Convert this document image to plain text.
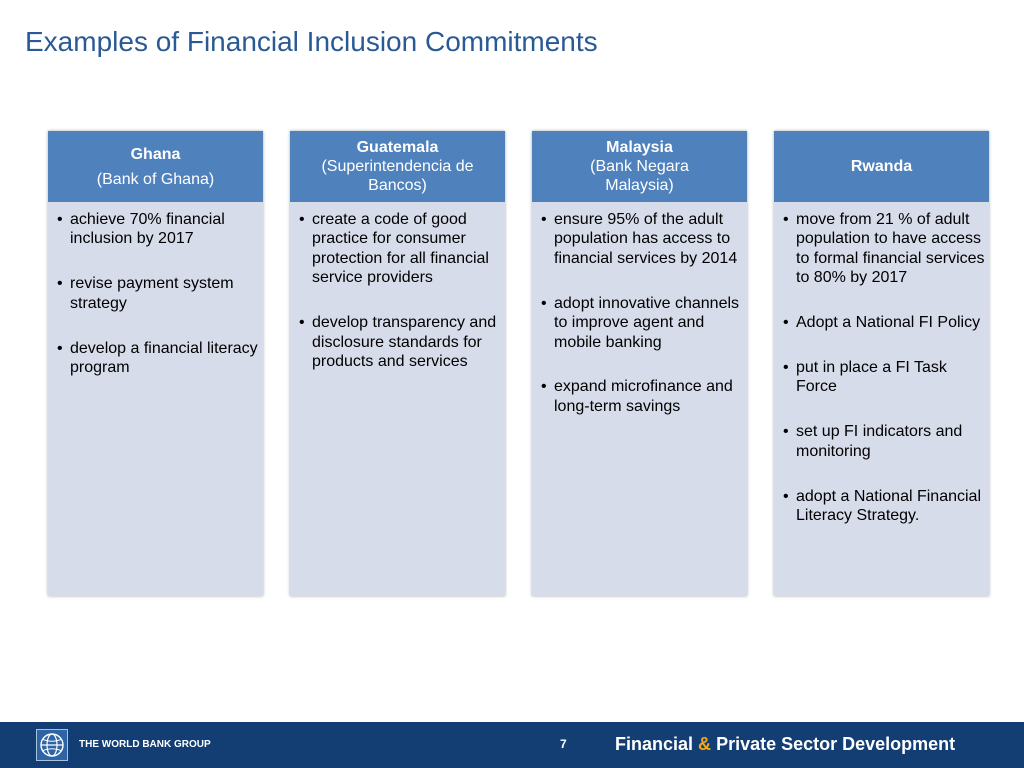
Examples of Financial Inclusion Commitments
Ghana
(Bank of Ghana)
• achieve 70% financial inclusion by 2017
• revise payment system strategy
• develop a financial literacy program
Guatemala
(Superintendencia de Bancos)
• create a code of good practice for consumer protection for all financial service providers
• develop transparency and disclosure standards for products and services
Malaysia
(Bank Negara Malaysia)
• ensure 95% of the adult population has access to financial services by 2014
• adopt innovative channels to improve agent and mobile banking
• expand microfinance and long-term savings
Rwanda
• move from 21 % of adult population to have access to formal financial services to 80% by 2017
• Adopt a National FI Policy
• put in place a FI Task Force
• set up FI indicators and monitoring
• adopt a National Financial Literacy Strategy.
THE WORLD BANK GROUP	7	Financial & Private Sector Development
